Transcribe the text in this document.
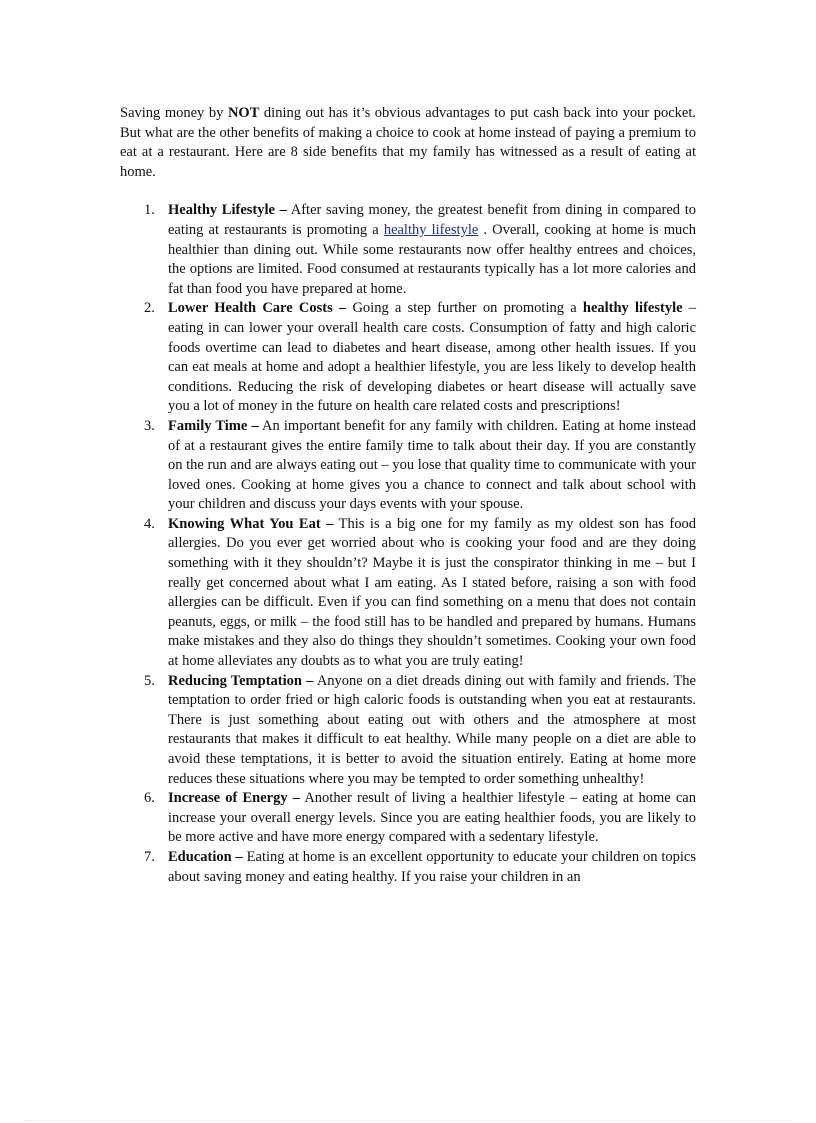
Saving money by NOT dining out has it’s obvious advantages to put cash back into your pocket. But what are the other benefits of making a choice to cook at home instead of paying a premium to eat at a restaurant. Here are 8 side benefits that my family has witnessed as a result of eating at home.

1. Healthy Lifestyle – After saving money, the greatest benefit from dining in compared to eating at restaurants is promoting a healthy lifestyle . Overall, cooking at home is much healthier than dining out. While some restaurants now offer healthy entrees and choices, the options are limited. Food consumed at restaurants typically has a lot more calories and fat than food you have prepared at home.
2. Lower Health Care Costs – Going a step further on promoting a healthy lifestyle – eating in can lower your overall health care costs. Consumption of fatty and high caloric foods overtime can lead to diabetes and heart disease, among other health issues. If you can eat meals at home and adopt a healthier lifestyle, you are less likely to develop health conditions. Reducing the risk of developing diabetes or heart disease will actually save you a lot of money in the future on health care related costs and prescriptions!
3. Family Time – An important benefit for any family with children. Eating at home instead of at a restaurant gives the entire family time to talk about their day. If you are constantly on the run and are always eating out – you lose that quality time to communicate with your loved ones. Cooking at home gives you a chance to connect and talk about school with your children and discuss your days events with your spouse.
4. Knowing What You Eat – This is a big one for my family as my oldest son has food allergies. Do you ever get worried about who is cooking your food and are they doing something with it they shouldn’t? Maybe it is just the conspirator thinking in me – but I really get concerned about what I am eating. As I stated before, raising a son with food allergies can be difficult. Even if you can find something on a menu that does not contain peanuts, eggs, or milk – the food still has to be handled and prepared by humans. Humans make mistakes and they also do things they shouldn’t sometimes. Cooking your own food at home alleviates any doubts as to what you are truly eating!
5. Reducing Temptation – Anyone on a diet dreads dining out with family and friends. The temptation to order fried or high caloric foods is outstanding when you eat at restaurants. There is just something about eating out with others and the atmosphere at most restaurants that makes it difficult to eat healthy. While many people on a diet are able to avoid these temptations, it is better to avoid the situation entirely. Eating at home more reduces these situations where you may be tempted to order something unhealthy!
6. Increase of Energy – Another result of living a healthier lifestyle – eating at home can increase your overall energy levels. Since you are eating healthier foods, you are likely to be more active and have more energy compared with a sedentary lifestyle.
7. Education – Eating at home is an excellent opportunity to educate your children on topics about saving money and eating healthy. If you raise your children in an
